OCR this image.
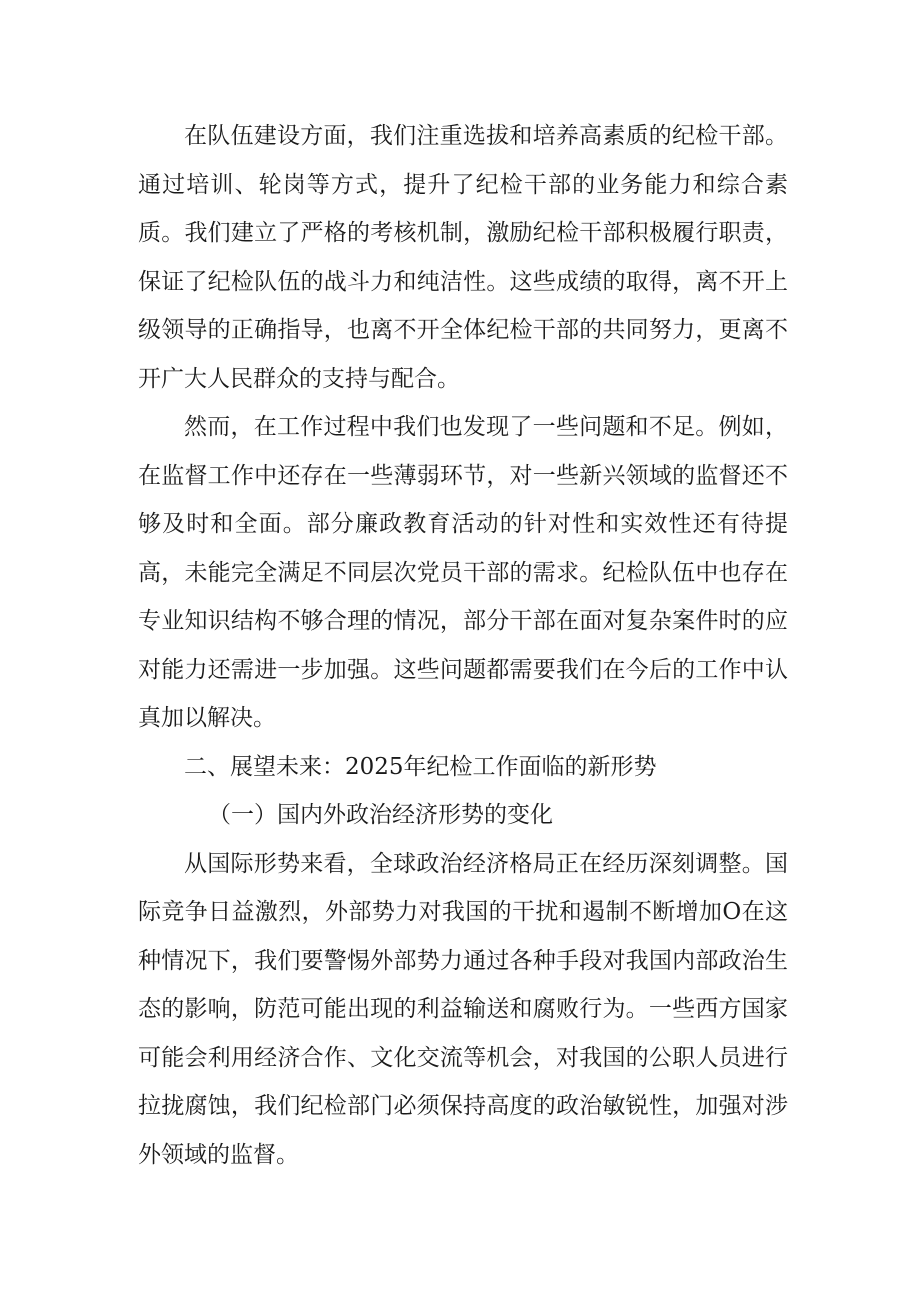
在队伍建设方面，我们注重选拔和培养高素质的纪检干部。通过培训、轮岗等方式，提升了纪检干部的业务能力和综合素质。我们建立了严格的考核机制，激励纪检干部积极履行职责，保证了纪检队伍的战斗力和纯洁性。这些成绩的取得，离不开上级领导的正确指导，也离不开全体纪检干部的共同努力，更离不开广大人民群众的支持与配合。

然而，在工作过程中我们也发现了一些问题和不足。例如，在监督工作中还存在一些薄弱环节，对一些新兴领域的监督还不够及时和全面。部分廉政教育活动的针对性和实效性还有待提高，未能完全满足不同层次党员干部的需求。纪检队伍中也存在专业知识结构不够合理的情况，部分干部在面对复杂案件时的应对能力还需进一步加强。这些问题都需要我们在今后的工作中认真加以解决。

二、展望未来：2025年纪检工作面临的新形势

（一）国内外政治经济形势的变化

从国际形势来看，全球政治经济格局正在经历深刻调整。国际竞争日益激烈，外部势力对我国的干扰和遏制不断增加O在这种情况下，我们要警惕外部势力通过各种手段对我国内部政治生态的影响，防范可能出现的利益输送和腐败行为。一些西方国家可能会利用经济合作、文化交流等机会，对我国的公职人员进行拉拢腐蚀，我们纪检部门必须保持高度的政治敏锐性，加强对涉外领域的监督。
